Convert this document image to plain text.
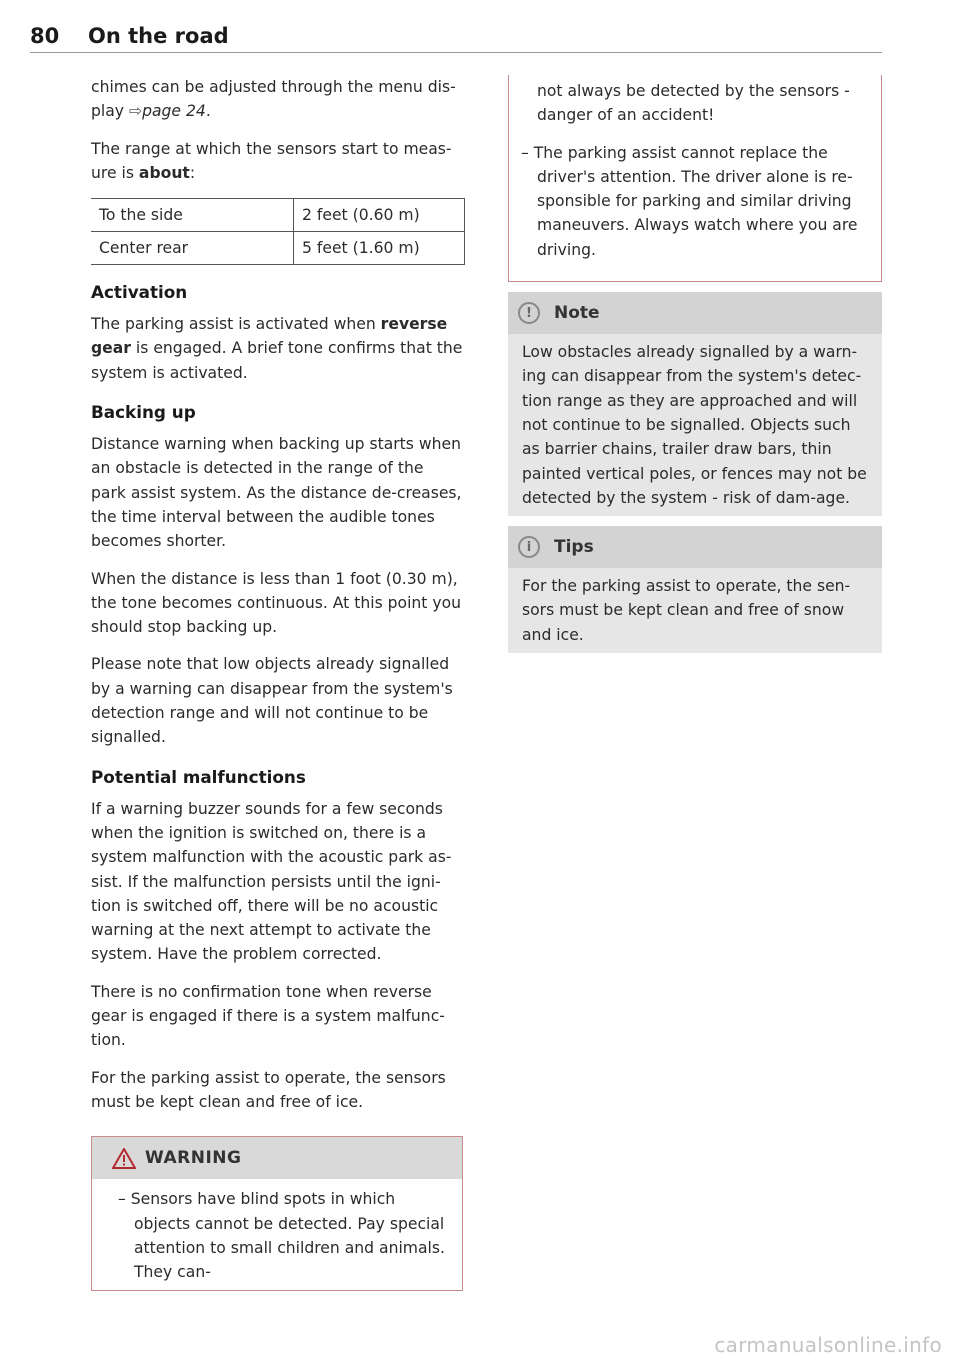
80 On the road

chimes can be adjusted through the menu dis-play ⇨page 24.

The range at which the sensors start to meas-ure is about:

To the side	2 feet (0.60 m)
Center rear	5 feet (1.60 m)
Activation

The parking assist is activated when reverse gear is engaged. A brief tone confirms that the system is activated.

Backing up

Distance warning when backing up starts when an obstacle is detected in the range of the park assist system. As the distance de-creases, the time interval between the audible tones becomes shorter.

When the distance is less than 1 foot (0.30 m), the tone becomes continuous. At this point you should stop backing up.

Please note that low objects already signalled by a warning can disappear from the system's detection range and will not continue to be signalled.

Potential malfunctions

If a warning buzzer sounds for a few seconds when the ignition is switched on, there is a system malfunction with the acoustic park as-sist. If the malfunction persists until the igni-tion is switched off, there will be no acoustic warning at the next attempt to activate the system. Have the problem corrected.

There is no confirmation tone when reverse gear is engaged if there is a system malfunc-tion.

For the parking assist to operate, the sensors must be kept clean and free of ice.

WARNING

– Sensors have blind spots in which objects cannot be detected. Pay special attention to small children and animals. They can-

not always be detected by the sensors - danger of an accident!

– The parking assist cannot replace the driver's attention. The driver alone is re-sponsible for parking and similar driving maneuvers. Always watch where you are driving.

!	Note

Low obstacles already signalled by a warn-ing can disappear from the system's detec-tion range as they are approached and will not continue to be signalled. Objects such as barrier chains, trailer draw bars, thin painted vertical poles, or fences may not be detected by the system - risk of dam-age.

i	Tips

For the parking assist to operate, the sen-sors must be kept clean and free of snow and ice.

carmanualsonline.info
